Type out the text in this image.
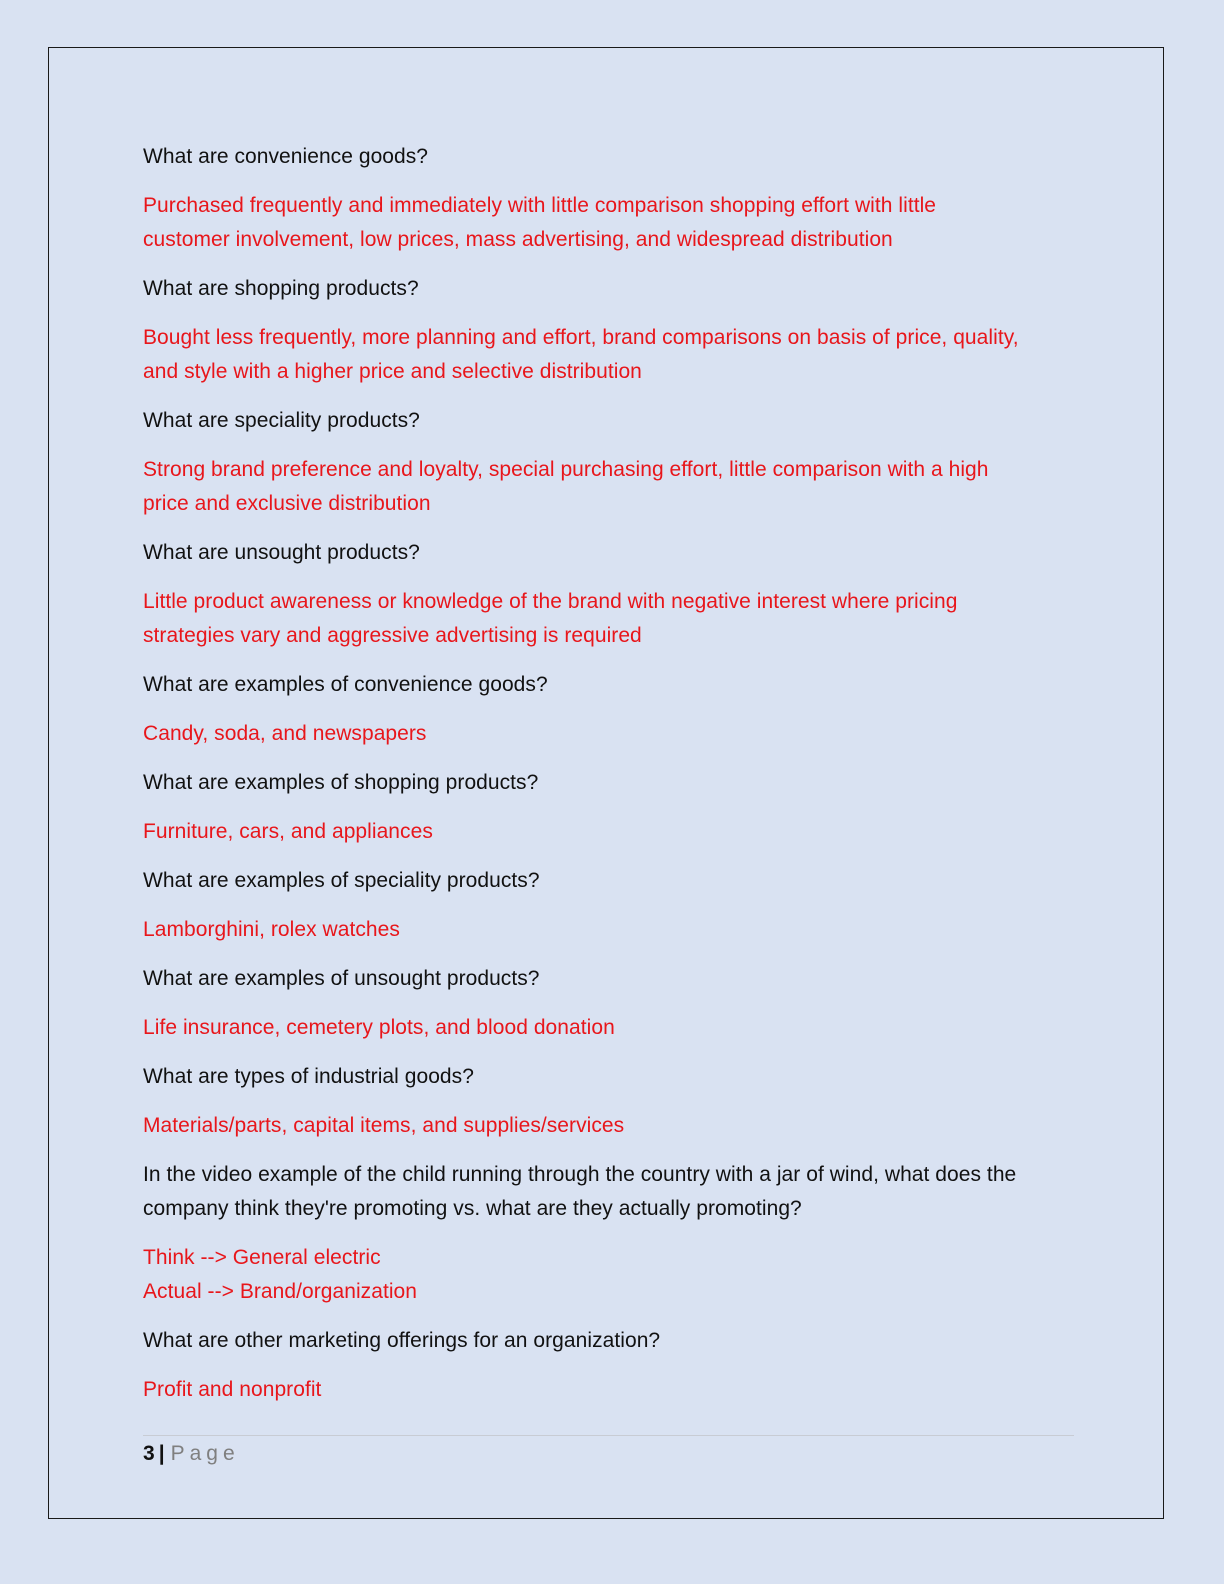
What are convenience goods?

Purchased frequently and immediately with little comparison shopping effort with little
customer involvement, low prices, mass advertising, and widespread distribution

What are shopping products?

Bought less frequently, more planning and effort, brand comparisons on basis of price, quality,
and style with a higher price and selective distribution

What are speciality products?

Strong brand preference and loyalty, special purchasing effort, little comparison with a high
price and exclusive distribution

What are unsought products?

Little product awareness or knowledge of the brand with negative interest where pricing
strategies vary and aggressive advertising is required

What are examples of convenience goods?

Candy, soda, and newspapers

What are examples of shopping products?

Furniture, cars, and appliances

What are examples of speciality products?

Lamborghini, rolex watches

What are examples of unsought products?

Life insurance, cemetery plots, and blood donation

What are types of industrial goods?

Materials/parts, capital items, and supplies/services

In the video example of the child running through the country with a jar of wind, what does the company think they're promoting vs. what are they actually promoting?

Think --> General electric
Actual --> Brand/organization

What are other marketing offerings for an organization?

Profit and nonprofit

3 | Page
